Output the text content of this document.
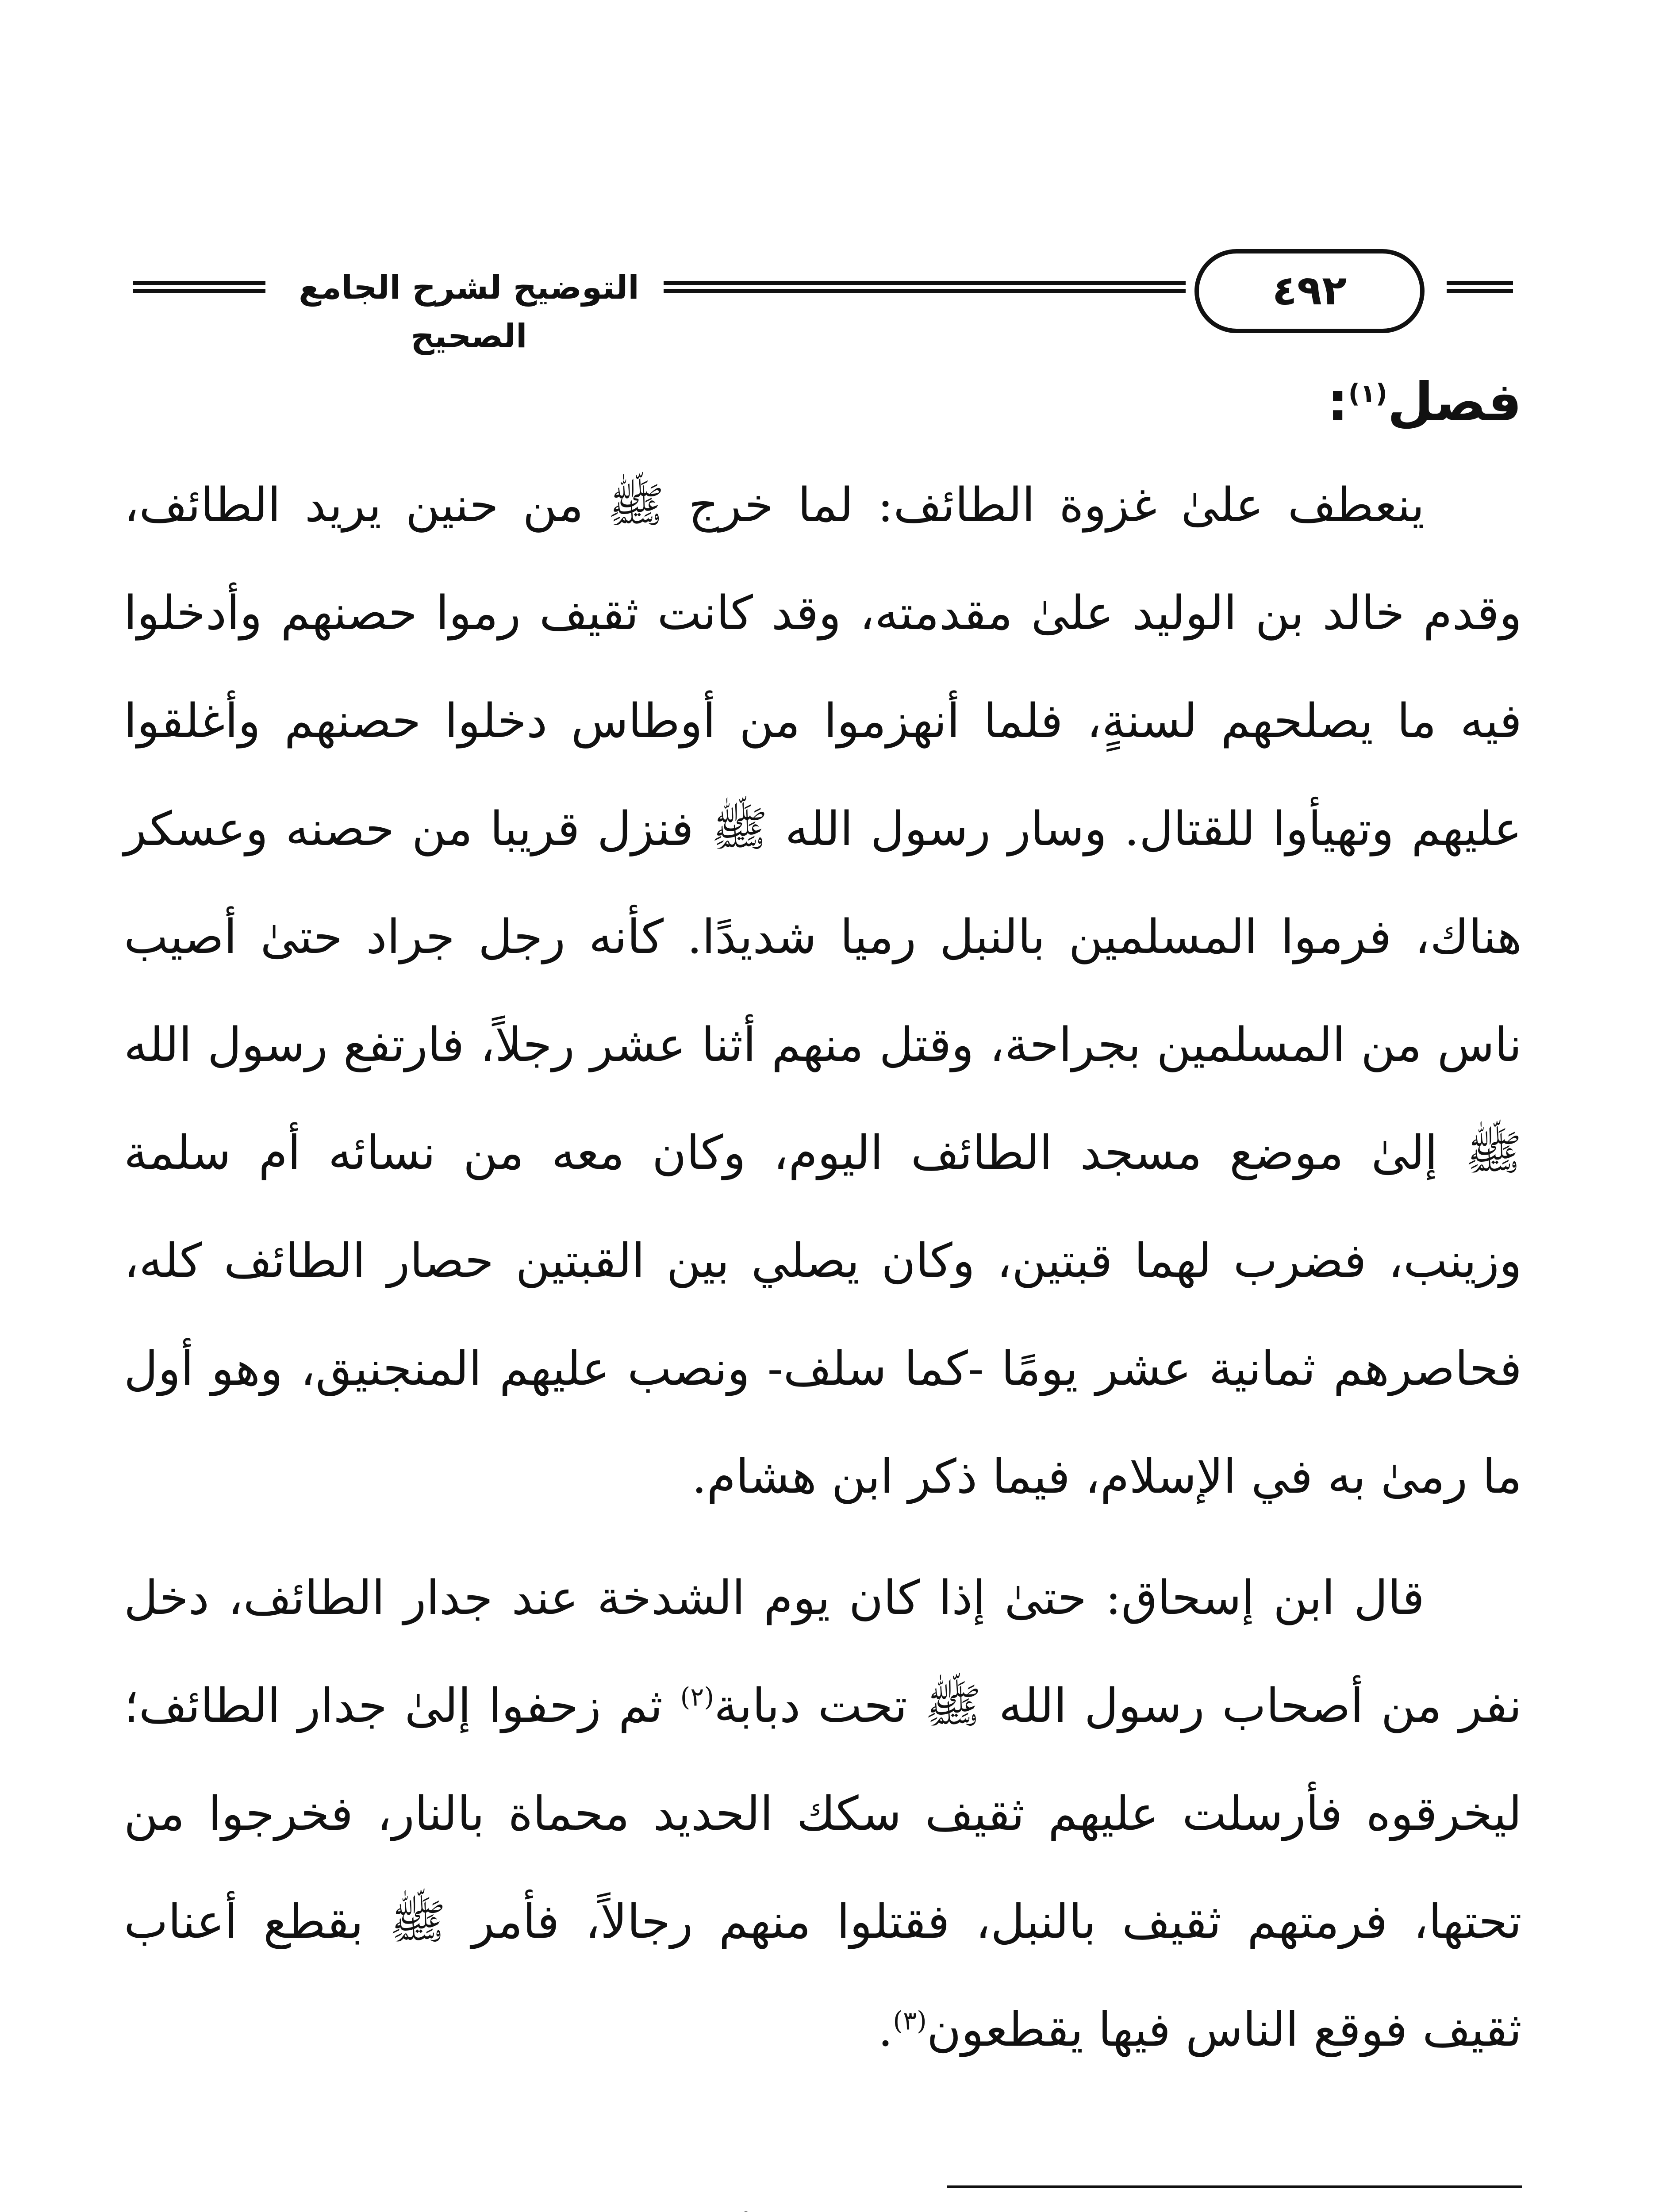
التوضيح لشرح الجامع الصحيح
٤٩٢
فصل$^{(١)}$:

ينعطف علىٰ غزوة الطائف: لما خرج ﷺ من حنين يريد الطائف، وقدم خالد بن الوليد علىٰ مقدمته، وقد كانت ثقيف رموا حصنهم وأدخلوا فيه ما يصلحهم لسنةٍ، فلما أنهزموا من أوطاس دخلوا حصنهم وأغلقوا عليهم وتهيأوا للقتال. وسار رسول الله ﷺ فنزل قريبا من حصنه وعسكر هناك، فرموا المسلمين بالنبل رميا شديدًا. كأنه رجل جراد حتىٰ أصيب ناس من المسلمين بجراحة، وقتل منهم أثنا عشر رجلاً، فارتفع رسول الله ﷺ إلىٰ موضع مسجد الطائف اليوم، وكان معه من نسائه أم سلمة وزينب، فضرب لهما قبتين، وكان يصلي بين القبتين حصار الطائف كله، فحاصرهم ثمانية عشر يومًا -كما سلف- ونصب عليهم المنجنيق، وهو أول ما رمىٰ به في الإسلام، فيما ذكر ابن هشام.

قال ابن إسحاق: حتىٰ إذا كان يوم الشدخة عند جدار الطائف، دخل نفر من أصحاب رسول الله ﷺ تحت دبابة$^{(٢)}$ ثم زحفوا إلىٰ جدار الطائف؛ ليخرقوه فأرسلت عليهم ثقيف سكك الحديد محماة بالنار، فخرجوا من تحتها، فرمتهم ثقيف بالنبل، فقتلوا منهم رجالاً، فأمر ﷺ بقطع أعناب ثقيف فوقع الناس فيها يقطعون$^{(٣)}$.
